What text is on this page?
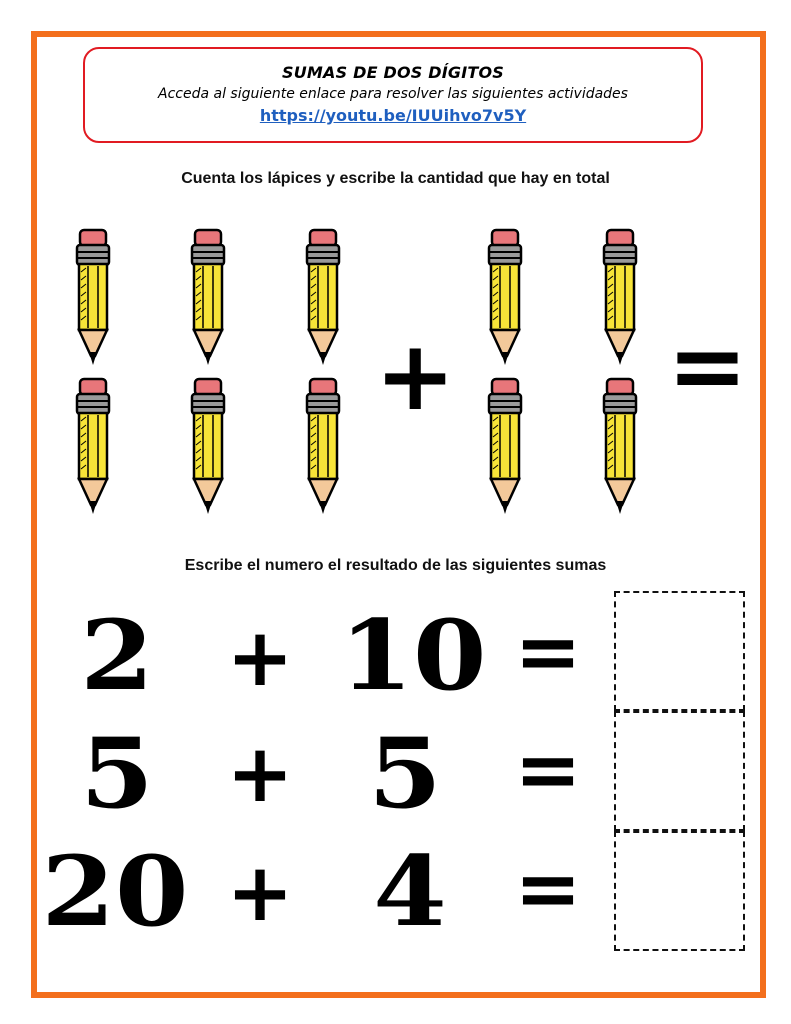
SUMAS DE DOS DÍGITOS
Acceda al siguiente enlace para resolver las siguientes actividades
https://youtu.be/IUUihvo7v5Y
Cuenta los lápices y escribe la cantidad que hay en total
+ =
Escribe el numero el resultado de las siguientes sumas
2 + 10 =
5 + 5 =
20 + 4 =
